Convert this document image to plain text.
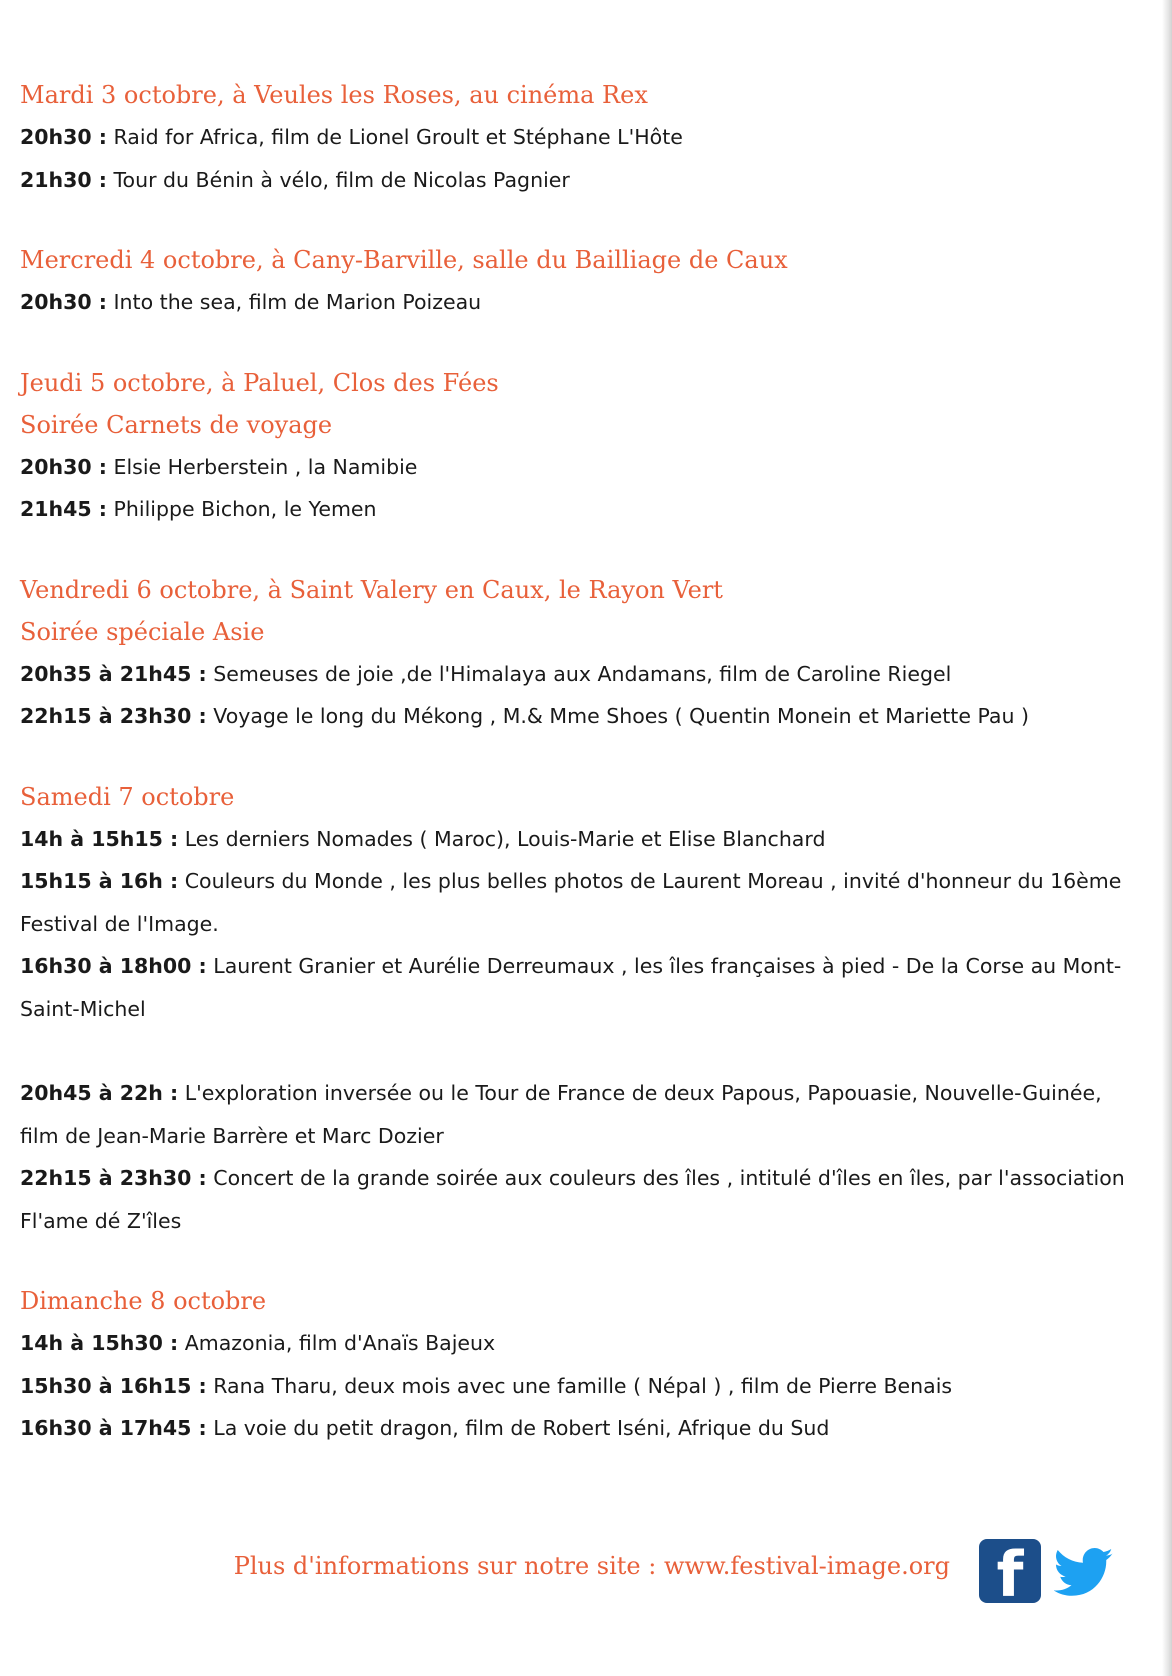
Mardi 3 octobre, à Veules les Roses, au cinéma Rex

20h30 : Raid for Africa, film de Lionel Groult et Stéphane L'Hôte

21h30 : Tour du Bénin à vélo, film de Nicolas Pagnier

Mercredi 4 octobre, à Cany-Barville, salle du Bailliage de Caux

20h30 : Into the sea, film de Marion Poizeau

Jeudi 5 octobre, à Paluel, Clos des Fées
Soirée Carnets de voyage

20h30 : Elsie Herberstein , la Namibie

21h45 : Philippe Bichon, le Yemen

Vendredi 6 octobre, à Saint Valery en Caux, le Rayon Vert
Soirée spéciale Asie

20h35 à 21h45 : Semeuses de joie ,de l'Himalaya aux Andamans, film de Caroline Riegel

22h15 à 23h30 : Voyage le long du Mékong , M.& Mme Shoes ( Quentin Monein et Mariette Pau )

Samedi 7 octobre

14h à 15h15 : Les derniers Nomades ( Maroc), Louis-Marie et Elise Blanchard

15h15 à 16h : Couleurs du Monde , les plus belles photos de Laurent Moreau , invité d'honneur du 16ème Festival de l'Image.

16h30 à 18h00 : Laurent Granier et Aurélie Derreumaux , les îles françaises à pied - De la Corse au Mont-Saint-Michel

20h45 à 22h : L'exploration inversée ou le Tour de France de deux Papous, Papouasie, Nouvelle-Guinée, film de Jean-Marie Barrère et Marc Dozier

22h15 à 23h30 : Concert de la grande soirée aux couleurs des îles , intitulé d'îles en îles, par l'association Fl'ame dé Z'îles

Dimanche 8 octobre

14h à 15h30 : Amazonia, film d'Anaïs Bajeux

15h30 à 16h15 : Rana Tharu, deux mois avec une famille ( Népal ) , film de Pierre Benais

16h30 à 17h45 : La voie du petit dragon, film de Robert Iséni, Afrique du Sud

Plus d'informations sur notre site : www.festival-image.org f
